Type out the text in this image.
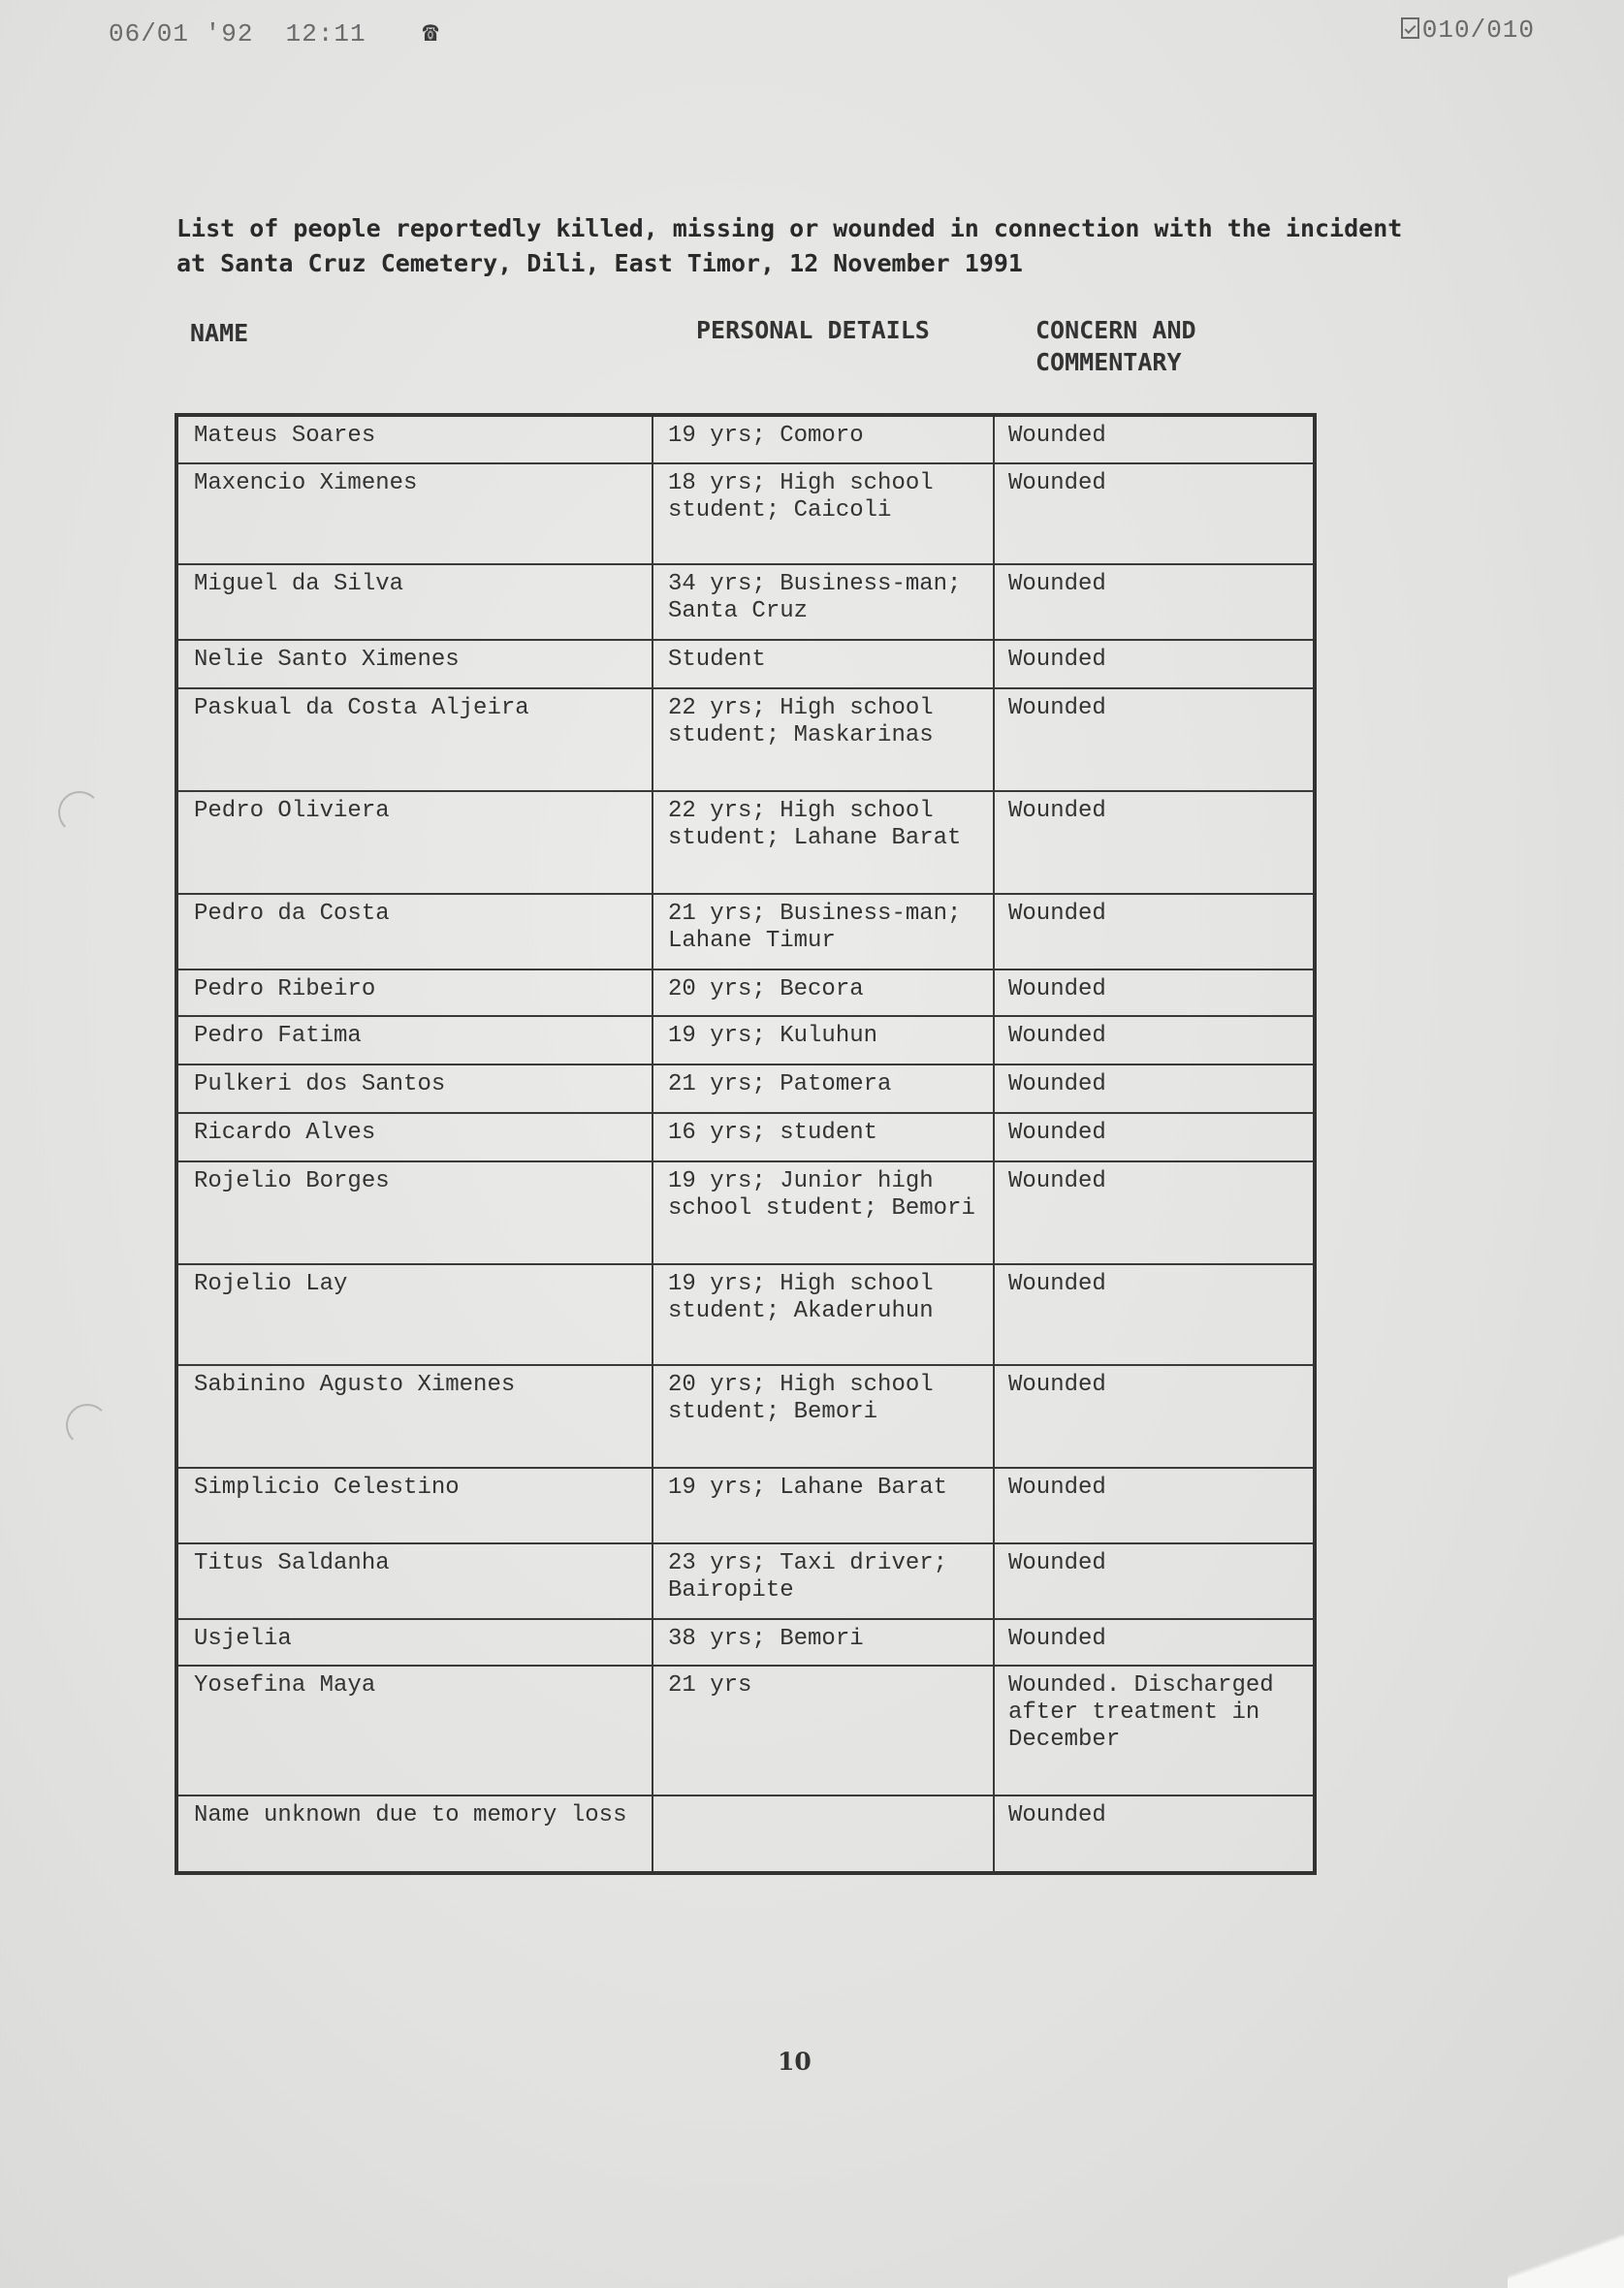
06/01 '92  12:11 ☎	010/010
List of people reportedly killed, missing or wounded in connection with the incident at Santa Cruz Cemetery, Dili, East Timor, 12 November 1991
NAME	PERSONAL DETAILS	CONCERN AND COMMENTARY
Mateus Soares	19 yrs; Comoro	Wounded
Maxencio Ximenes	18 yrs; High school student; Caicoli	Wounded
Miguel da Silva	34 yrs; Business-man; Santa Cruz	Wounded
Nelie Santo Ximenes	Student	Wounded
Paskual da Costa Aljeira	22 yrs; High school student; Maskarinas	Wounded
Pedro Oliviera	22 yrs; High school student; Lahane Barat	Wounded
Pedro da Costa	21 yrs; Business-man; Lahane Timur	Wounded
Pedro Ribeiro	20 yrs; Becora	Wounded
Pedro Fatima	19 yrs; Kuluhun	Wounded
Pulkeri dos Santos	21 yrs; Patomera	Wounded
Ricardo Alves	16 yrs; student	Wounded
Rojelio Borges	19 yrs; Junior high school student; Bemori	Wounded
Rojelio Lay	19 yrs; High school student; Akaderuhun	Wounded
Sabinino Agusto Ximenes	20 yrs; High school student; Bemori	Wounded
Simplicio Celestino	19 yrs; Lahane Barat	Wounded
Titus Saldanha	23 yrs; Taxi driver; Bairopite	Wounded
Usjelia	38 yrs; Bemori	Wounded
Yosefina Maya	21 yrs	Wounded. Discharged after treatment in December
Name unknown due to memory loss		Wounded
10
